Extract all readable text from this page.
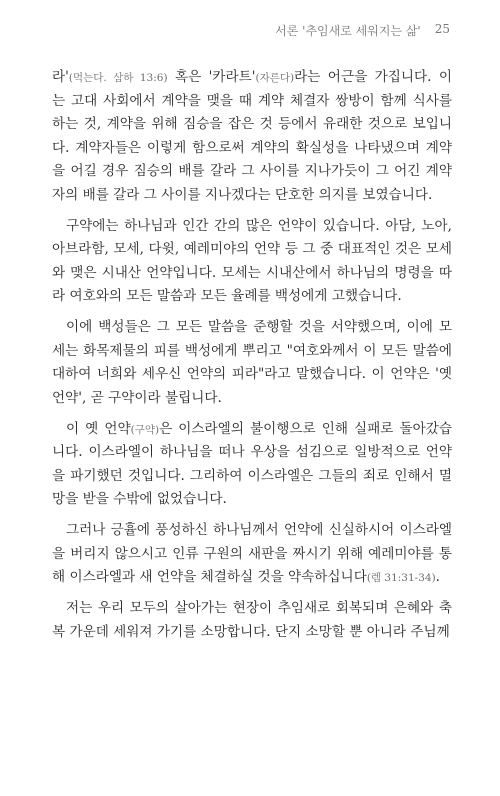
서론 '추임새로 세워지는 삶' 25
라'(먹는다. 삼하 13:6) 혹은 '카라트'(자른다)라는 어근을 가집니다. 이
는 고대 사회에서 계약을 맺을 때 계약 체결자 쌍방이 함께 식사를
하는 것, 계약을 위해 짐승을 잡은 것 등에서 유래한 것으로 보입니
다. 계약자들은 이렇게 함으로써 계약의 확실성을 나타냈으며 계약
을 어길 경우 짐승의 배를 갈라 그 사이를 지나가듯이 그 어긴 계약
자의 배를 갈라 그 사이를 지나겠다는 단호한 의지를 보였습니다.
구약에는 하나님과 인간 간의 많은 언약이 있습니다. 아담, 노아,
아브라함, 모세, 다윗, 예레미야의 언약 등 그 중 대표적인 것은 모세
와 맺은 시내산 언약입니다. 모세는 시내산에서 하나님의 명령을 따
라 여호와의 모든 말씀과 모든 율례를 백성에게 고했습니다.
이에 백성들은 그 모든 말씀을 준행할 것을 서약했으며, 이에 모
세는 화목제물의 피를 백성에게 뿌리고 "여호와께서 이 모든 말씀에
대하여 너희와 세우신 언약의 피라"라고 말했습니다. 이 언약은 '옛
언약', 곧 구약이라 불립니다.
이 옛 언약(구약)은 이스라엘의 불이행으로 인해 실패로 돌아갔습
니다. 이스라엘이 하나님을 떠나 우상을 섬김으로 일방적으로 언약
을 파기했던 것입니다. 그리하여 이스라엘은 그들의 죄로 인해서 멸
망을 받을 수밖에 없었습니다.
그러나 긍휼에 풍성하신 하나님께서 언약에 신실하시어 이스라엘
을 버리지 않으시고 인류 구원의 새판을 짜시기 위해 예레미야를 통
해 이스라엘과 새 언약을 체결하실 것을 약속하십니다(렘 31:31-34).
저는 우리 모두의 살아가는 현장이 추임새로 회복되며 은혜와 축
복 가운데 세워져 가기를 소망합니다. 단지 소망할 뿐 아니라 주님께
